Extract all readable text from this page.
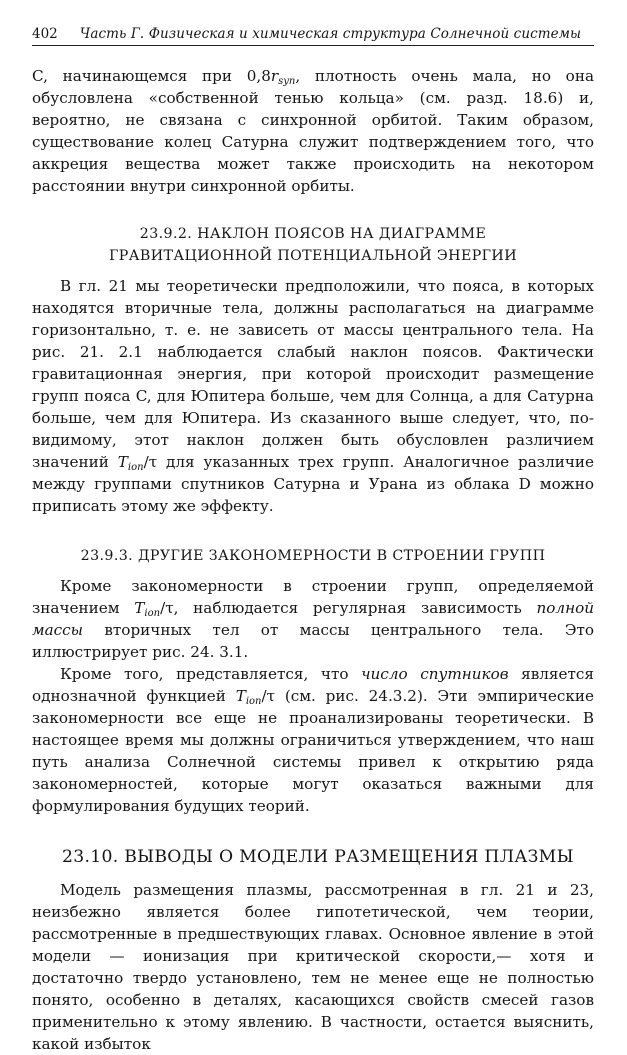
402 Часть Г. Физическая и химическая структура Солнечной системы

C, начинающемся при $0,8r_{syn}$, плотность очень мала, но она обусловлена «собственной тенью кольца» (см. разд. 18.6) и, вероятно, не связана с синхронной орбитой. Таким образом, существование колец Сатурна служит подтверждением того, что аккреция вещества может также происходить на некотором расстоянии внутри синхронной орбиты.

23.9.2. НАКЛОН ПОЯСОВ НА ДИАГРАММЕ
ГРАВИТАЦИОННОЙ ПОТЕНЦИАЛЬНОЙ ЭНЕРГИИ

В гл. 21 мы теоретически предположили, что пояса, в которых находятся вторичные тела, должны располагаться на диаграмме горизонтально, т. е. не зависеть от массы центрального тела. На рис. 21. 2.1 наблюдается слабый наклон поясов. Фактически гравитационная энергия, при которой происходит размещение групп пояса C, для Юпитера больше, чем для Солнца, а для Сатурна больше, чем для Юпитера. Из сказанного выше следует, что, по-видимому, этот наклон должен быть обусловлен различием значений $T_{ion}/\tau$ для указанных трех групп. Аналогичное различие между группами спутников Сатурна и Урана из облака D можно приписать этому же эффекту.

23.9.3. ДРУГИЕ ЗАКОНОМЕРНОСТИ В СТРОЕНИИ ГРУПП

Кроме закономерности в строении групп, определяемой значением $T_{ion}/\tau$, наблюдается регулярная зависимость полной массы вторичных тел от массы центрального тела. Это иллюстрирует рис. 24. 3.1.

Кроме того, представляется, что число спутников является однозначной функцией $T_{ion}/\tau$ (см. рис. 24.3.2). Эти эмпирические закономерности все еще не проанализированы теоретически. В настоящее время мы должны ограничиться утверждением, что наш путь анализа Солнечной системы привел к открытию ряда закономерностей, которые могут оказаться важными для формулирования будущих теорий.

23.10. ВЫВОДЫ О МОДЕЛИ РАЗМЕЩЕНИЯ ПЛАЗМЫ

Модель размещения плазмы, рассмотренная в гл. 21 и 23, неизбежно является более гипотетической, чем теории, рассмотренные в предшествующих главах. Основное явление в этой модели — ионизация при критической скорости,— хотя и достаточно твердо установлено, тем не менее еще не полностью понято, особенно в деталях, касающихся свойств смесей газов применительно к этому явлению. В частности, остается выяснить, какой избыток
